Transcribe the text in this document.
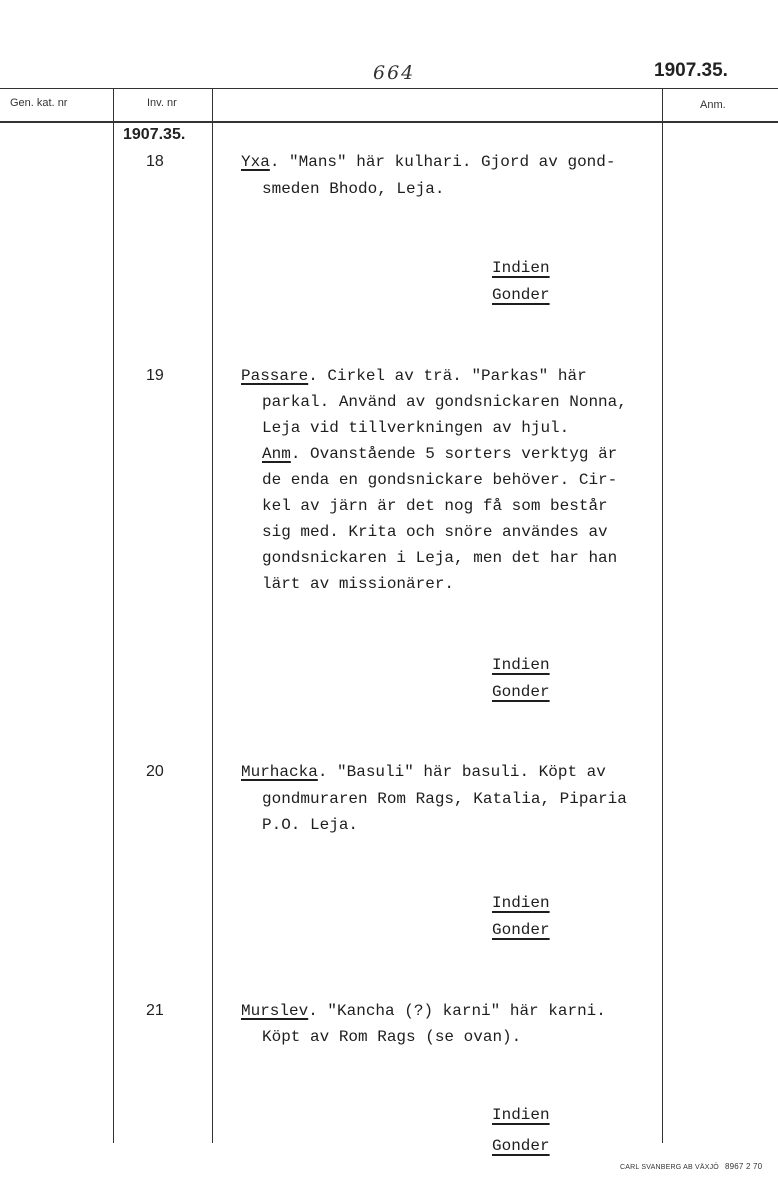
664	1907.35.
Gen. kat. nr	Inv. nr	Anm.
1907.35.
18	Yxa. "Mans" här kulhari. Gjord av gond-
smeden Bhodo, Leja.
Indien
Gonder
19	Passare. Cirkel av trä. "Parkas" här
parkal. Använd av gondsnickaren Nonna,
Leja vid tillverkningen av hjul.
Anm. Ovanstående 5 sorters verktyg är
de enda en gondsnickare behöver. Cir-
kel av järn är det nog få som består
sig med. Krita och snöre användes av
gondsnickaren i Leja, men det har han
lärt av missionärer.
Indien
Gonder
20	Murhacka. "Basuli" här basuli. Köpt av
gondmuraren Rom Rags, Katalia, Piparia
P.O. Leja.
Indien
Gonder
21	Murslev. "Kancha (?) karni" här karni.
Köpt av Rom Rags (se ovan).
Indien
Gonder
CARL SVANBERG AB VÄXJÖ 8967 2 70
